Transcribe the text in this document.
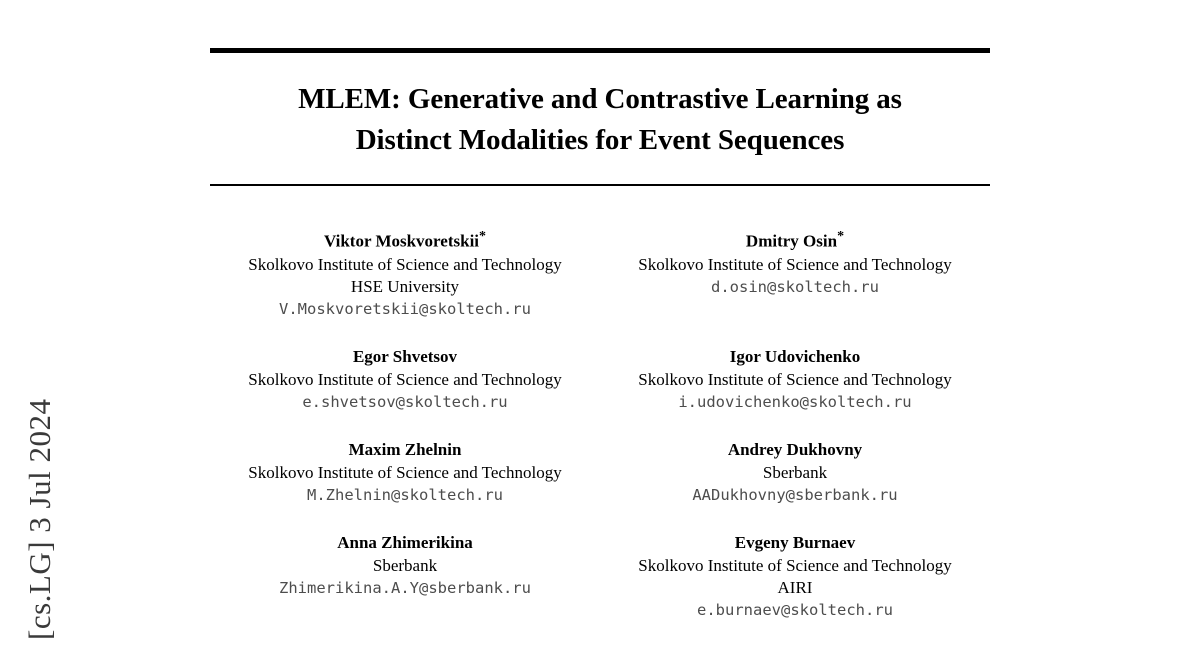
[cs.LG] 3 Jul 2024
MLEM: Generative and Contrastive Learning as
Distinct Modalities for Event Sequences
Viktor Moskvoretskii*
Skolkovo Institute of Science and Technology
HSE University
V.Moskvoretskii@skoltech.ru
Dmitry Osin*
Skolkovo Institute of Science and Technology
d.osin@skoltech.ru
Egor Shvetsov
Skolkovo Institute of Science and Technology
e.shvetsov@skoltech.ru
Igor Udovichenko
Skolkovo Institute of Science and Technology
i.udovichenko@skoltech.ru
Maxim Zhelnin
Skolkovo Institute of Science and Technology
M.Zhelnin@skoltech.ru
Andrey Dukhovny
Sberbank
AADukhovny@sberbank.ru
Anna Zhimerikina
Sberbank
Zhimerikina.A.Y@sberbank.ru
Evgeny Burnaev
Skolkovo Institute of Science and Technology
AIRI
e.burnaev@skoltech.ru
